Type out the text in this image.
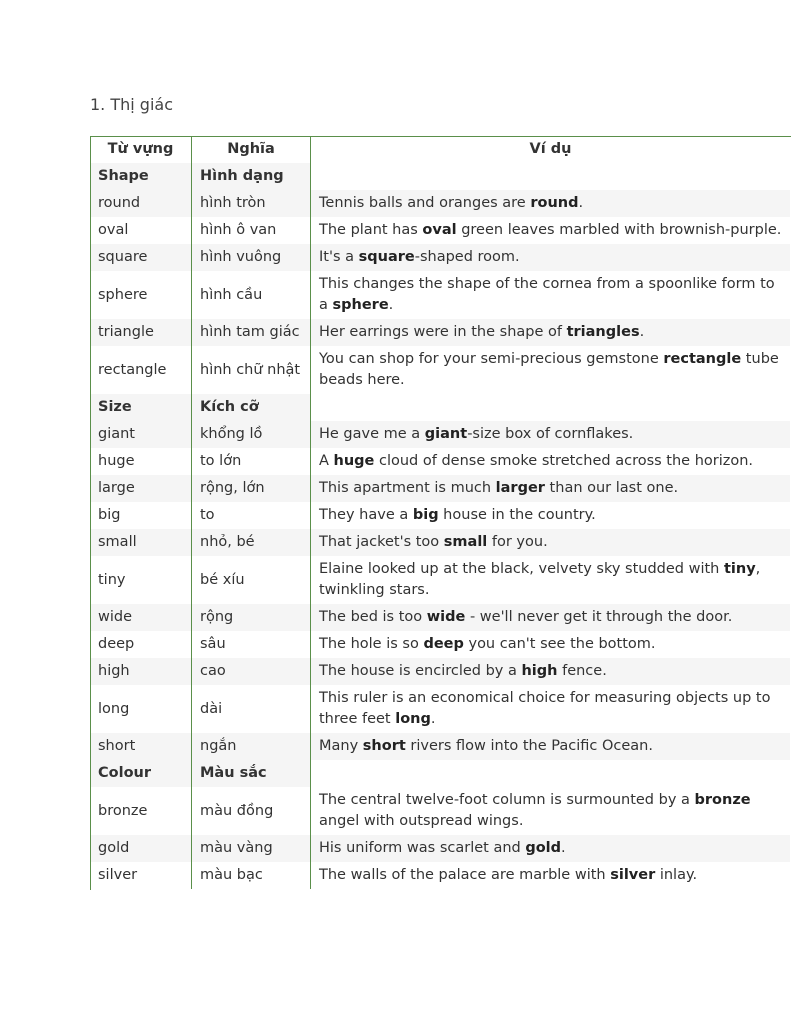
1. Thị giác
Từ vựng	Nghĩa	Ví dụ
Shape	Hình dạng	
round	hình tròn	Tennis balls and oranges are round.
oval	hình ô van	The plant has oval green leaves marbled with brownish-purple.
square	hình vuông	It's a square-shaped room.
sphere	hình cầu	This changes the shape of the cornea from a spoonlike form to a sphere.
triangle	hình tam giác	Her earrings were in the shape of triangles.
rectangle	hình chữ nhật	You can shop for your semi-precious gemstone rectangle tube beads here.
Size	Kích cỡ	
giant	khổng lồ	He gave me a giant-size box of cornflakes.
huge	to lớn	A huge cloud of dense smoke stretched across the horizon.
large	rộng, lớn	This apartment is much larger than our last one.
big	to	They have a big house in the country.
small	nhỏ, bé	That jacket's too small for you.
tiny	bé xíu	Elaine looked up at the black, velvety sky studded with tiny, twinkling stars.
wide	rộng	The bed is too wide - we'll never get it through the door.
deep	sâu	The hole is so deep you can't see the bottom.
high	cao	The house is encircled by a high fence.
long	dài	This ruler is an economical choice for measuring objects up to three feet long.
short	ngắn	Many short rivers flow into the Pacific Ocean.
Colour	Màu sắc	
bronze	màu đồng	The central twelve-foot column is surmounted by a bronze angel with outspread wings.
gold	màu vàng	His uniform was scarlet and gold.
silver	màu bạc	The walls of the palace are marble with silver inlay.
